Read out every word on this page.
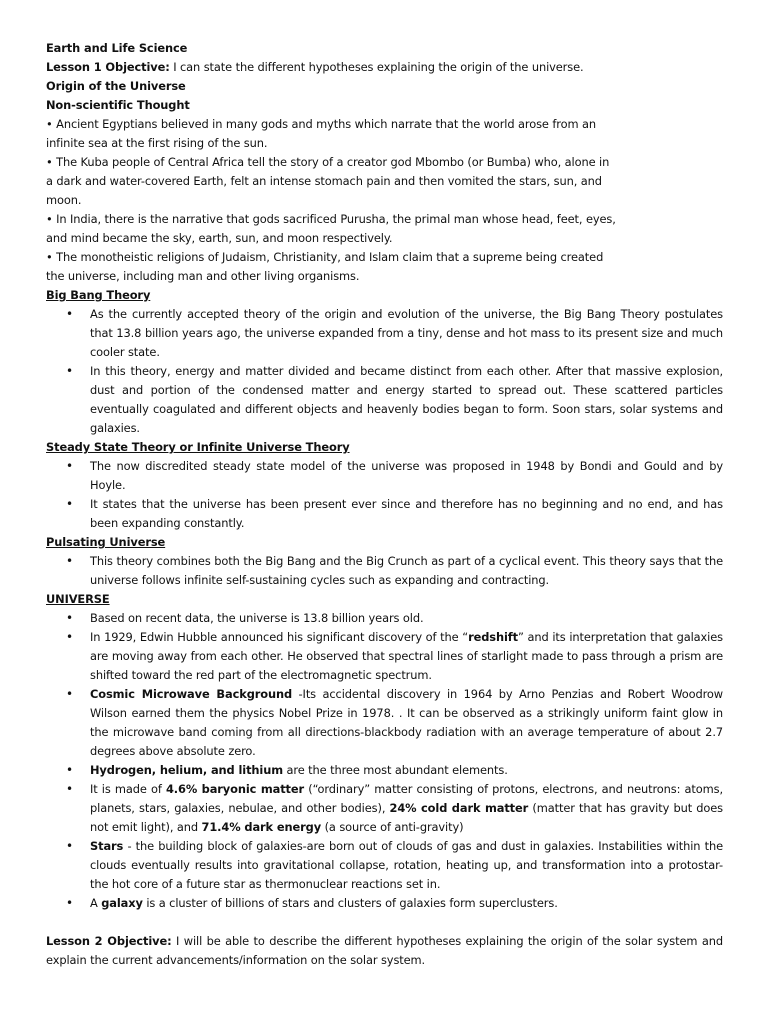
Earth and Life Science
Lesson 1 Objective: I can state the different hypotheses explaining the origin of the universe.
Origin of the Universe
Non-scientific Thought
• Ancient Egyptians believed in many gods and myths which narrate that the world arose from an
infinite sea at the first rising of the sun.
• The Kuba people of Central Africa tell the story of a creator god Mbombo (or Bumba) who, alone in
a dark and water-covered Earth, felt an intense stomach pain and then vomited the stars, sun, and
moon.
• In India, there is the narrative that gods sacrificed Purusha, the primal man whose head, feet, eyes,
and mind became the sky, earth, sun, and moon respectively.
• The monotheistic religions of Judaism, Christianity, and Islam claim that a supreme being created
the universe, including man and other living organisms.
Big Bang Theory
• As the currently accepted theory of the origin and evolution of the universe, the Big Bang Theory postulates that 13.8 billion years ago, the universe expanded from a tiny, dense and hot mass to its present size and much cooler state.
• In this theory, energy and matter divided and became distinct from each other. After that massive explosion, dust and portion of the condensed matter and energy started to spread out. These scattered particles eventually coagulated and different objects and heavenly bodies began to form. Soon stars, solar systems and galaxies.
Steady State Theory or Infinite Universe Theory
• The now discredited steady state model of the universe was proposed in 1948 by Bondi and Gould and by Hoyle.
• It states that the universe has been present ever since and therefore has no beginning and no end, and has been expanding constantly.
Pulsating Universe
• This theory combines both the Big Bang and the Big Crunch as part of a cyclical event. This theory says that the universe follows infinite self-sustaining cycles such as expanding and contracting.
UNIVERSE
• Based on recent data, the universe is 13.8 billion years old.
• In 1929, Edwin Hubble announced his significant discovery of the “redshift” and its interpretation that galaxies are moving away from each other. He observed that spectral lines of starlight made to pass through a prism are shifted toward the red part of the electromagnetic spectrum.
• Cosmic Microwave Background -Its accidental discovery in 1964 by Arno Penzias and Robert Woodrow Wilson earned them the physics Nobel Prize in 1978. . It can be observed as a strikingly uniform faint glow in the microwave band coming from all directions-blackbody radiation with an average temperature of about 2.7 degrees above absolute zero.
• Hydrogen, helium, and lithium are the three most abundant elements.
• It is made of 4.6% baryonic matter (“ordinary” matter consisting of protons, electrons, and neutrons: atoms, planets, stars, galaxies, nebulae, and other bodies), 24% cold dark matter (matter that has gravity but does not emit light), and 71.4% dark energy (a source of anti-gravity)
• Stars - the building block of galaxies-are born out of clouds of gas and dust in galaxies. Instabilities within the clouds eventually results into gravitational collapse, rotation, heating up, and transformation into a protostar-the hot core of a future star as thermonuclear reactions set in.
• A galaxy is a cluster of billions of stars and clusters of galaxies form superclusters.

Lesson 2 Objective: I will be able to describe the different hypotheses explaining the origin of the solar system and explain the current advancements/information on the solar system.
